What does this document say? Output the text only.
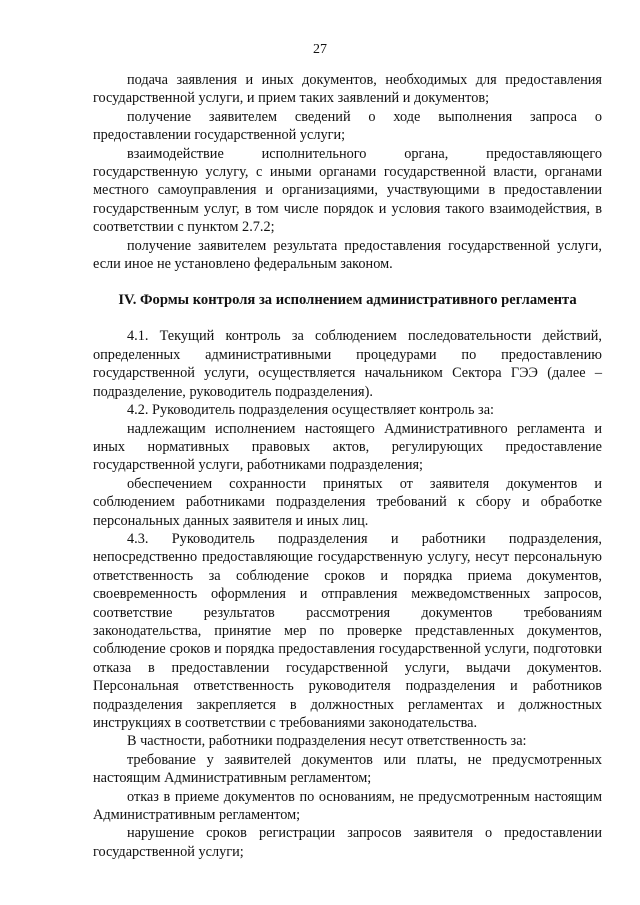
27

подача заявления и иных документов, необходимых для предоставления государственной услуги, и прием таких заявлений и документов;

получение заявителем сведений о ходе выполнения запроса о предоставлении государственной услуги;

взаимодействие исполнительного органа, предоставляющего государственную услугу, с иными органами государственной власти, органами местного самоуправления и организациями, участвующими в предоставлении государственным услуг, в том числе порядок и условия такого взаимодействия, в соответствии с пунктом 2.7.2;

получение заявителем результата предоставления государственной услуги, если иное не установлено федеральным законом.

IV. Формы контроля за исполнением административного регламента

4.1. Текущий контроль за соблюдением последовательности действий, определенных административными процедурами по предоставлению государственной услуги, осуществляется начальником Сектора ГЭЭ (далее – подразделение, руководитель подразделения).

4.2. Руководитель подразделения осуществляет контроль за:

надлежащим исполнением настоящего Административного регламента и иных нормативных правовых актов, регулирующих предоставление государственной услуги, работниками подразделения;

обеспечением сохранности принятых от заявителя документов и соблюдением работниками подразделения требований к сбору и обработке персональных данных заявителя и иных лиц.

4.3. Руководитель подразделения и работники подразделения, непосредственно предоставляющие государственную услугу, несут персональную ответственность за соблюдение сроков и порядка приема документов, своевременность оформления и отправления межведомственных запросов, соответствие результатов рассмотрения документов требованиям законодательства, принятие мер по проверке представленных документов, соблюдение сроков и порядка предоставления государственной услуги, подготовки отказа в предоставлении государственной услуги, выдачи документов. Персональная ответственность руководителя подразделения и работников подразделения закрепляется в должностных регламентах и должностных инструкциях в соответствии с требованиями законодательства.

В частности, работники подразделения несут ответственность за:

требование у заявителей документов или платы, не предусмотренных настоящим Административным регламентом;

отказ в приеме документов по основаниям, не предусмотренным настоящим Административным регламентом;

нарушение сроков регистрации запросов заявителя о предоставлении государственной услуги;
